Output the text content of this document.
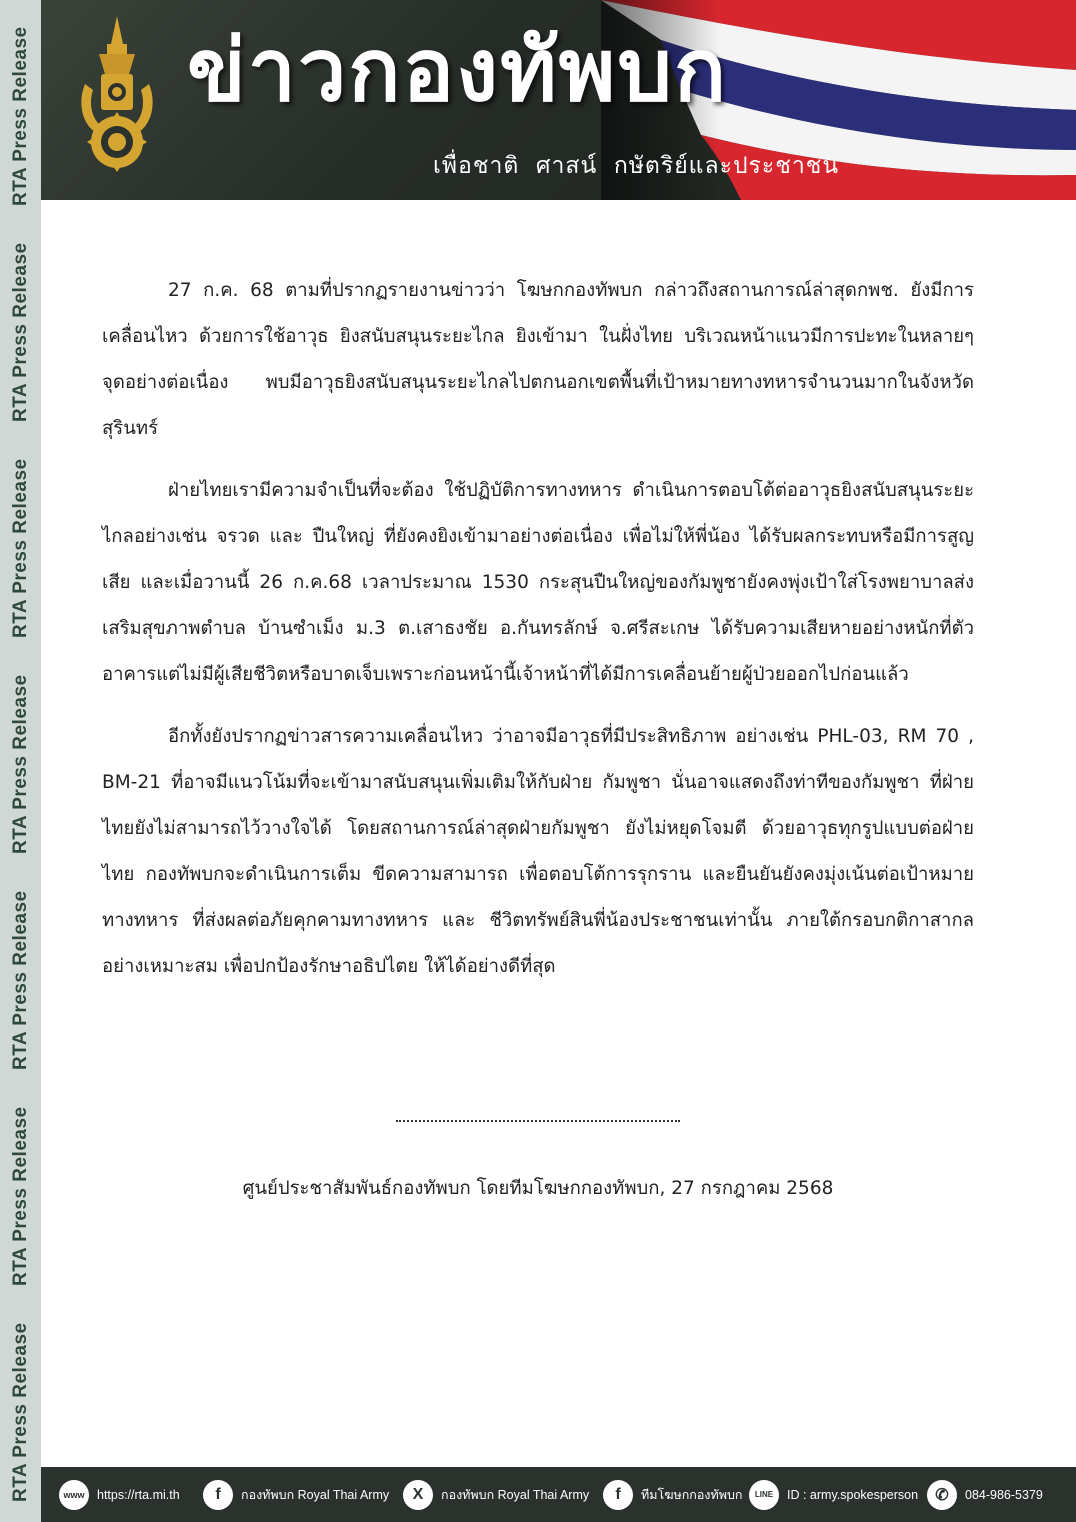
RTA Press Release
RTA Press Release
RTA Press Release
RTA Press Release
RTA Press Release
RTA Press Release
RTA Press Release
ข่าวกองทัพบก
เพื่อชาติ  ศาสน์  กษัตริย์และประชาชน

27 ก.ค. 68 ตามที่ปรากฏรายงานข่าวว่า โฆษกกองทัพบก กล่าวถึงสถานการณ์ล่าสุดกพช. ยังมีการเคลื่อนไหว ด้วยการใช้อาวุธ ยิงสนับสนุนระยะไกล ยิงเข้ามา ในฝั่งไทย บริเวณหน้าแนวมีการปะทะในหลายๆ จุดอย่างต่อเนื่อง พบมีอาวุธยิงสนับสนุนระยะไกลไปตกนอกเขตพื้นที่เป้าหมายทางทหารจำนวนมากในจังหวัดสุรินทร์

ฝ่ายไทยเรามีความจำเป็นที่จะต้อง ใช้ปฏิบัติการทางทหาร ดำเนินการตอบโต้ต่ออาวุธยิงสนับสนุนระยะไกลอย่างเช่น จรวด และ ปืนใหญ่ ที่ยังคงยิงเข้ามาอย่างต่อเนื่อง เพื่อไม่ให้พี่น้อง ได้รับผลกระทบหรือมีการสูญเสีย และเมื่อวานนี้ 26 ก.ค.68 เวลาประมาณ 1530 กระสุนปืนใหญ่ของกัมพูชายังคงพุ่งเป้าใส่โรงพยาบาลส่งเสริมสุขภาพตำบล บ้านซำเม็ง ม.3 ต.เสาธงชัย อ.กันทรลักษ์ จ.ศรีสะเกษ ได้รับความเสียหายอย่างหนักที่ตัวอาคารแต่ไม่มีผู้เสียชีวิตหรือบาดเจ็บเพราะก่อนหน้านี้เจ้าหน้าที่ได้มีการเคลื่อนย้ายผู้ป่วยออกไปก่อนแล้ว

อีกทั้งยังปรากฏข่าวสารความเคลื่อนไหว ว่าอาจมีอาวุธที่มีประสิทธิภาพ อย่างเช่น PHL-03, RM 70 , BM-21 ที่อาจมีแนวโน้มที่จะเข้ามาสนับสนุนเพิ่มเติมให้กับฝ่าย กัมพูชา นั่นอาจแสดงถึงท่าทีของกัมพูชา ที่ฝ่ายไทยยังไม่สามารถไว้วางใจได้ โดยสถานการณ์ล่าสุดฝ่ายกัมพูชา ยังไม่หยุดโจมตี ด้วยอาวุธทุกรูปแบบต่อฝ่ายไทย กองทัพบกจะดำเนินการเต็ม ขีดความสามารถ เพื่อตอบโต้การรุกราน และยืนยันยังคงมุ่งเน้นต่อเป้าหมายทางทหาร ที่ส่งผลต่อภัยคุกคามทางทหาร และ ชีวิตทรัพย์สินพี่น้องประชาชนเท่านั้น ภายใต้กรอบกติกาสากลอย่างเหมาะสม เพื่อปกป้องรักษาอธิปไตย ให้ได้อย่างดีที่สุด

ศูนย์ประชาสัมพันธ์กองทัพบก โดยทีมโฆษกกองทัพบก, 27 กรกฎาคม 2568
www	https://rta.mi.th	f	กองทัพบก Royal Thai Army	X	กองทัพบก Royal Thai Army	f	ทีมโฆษกกองทัพบก	LINE	ID : army.spokesperson	✆	084-986-5379
